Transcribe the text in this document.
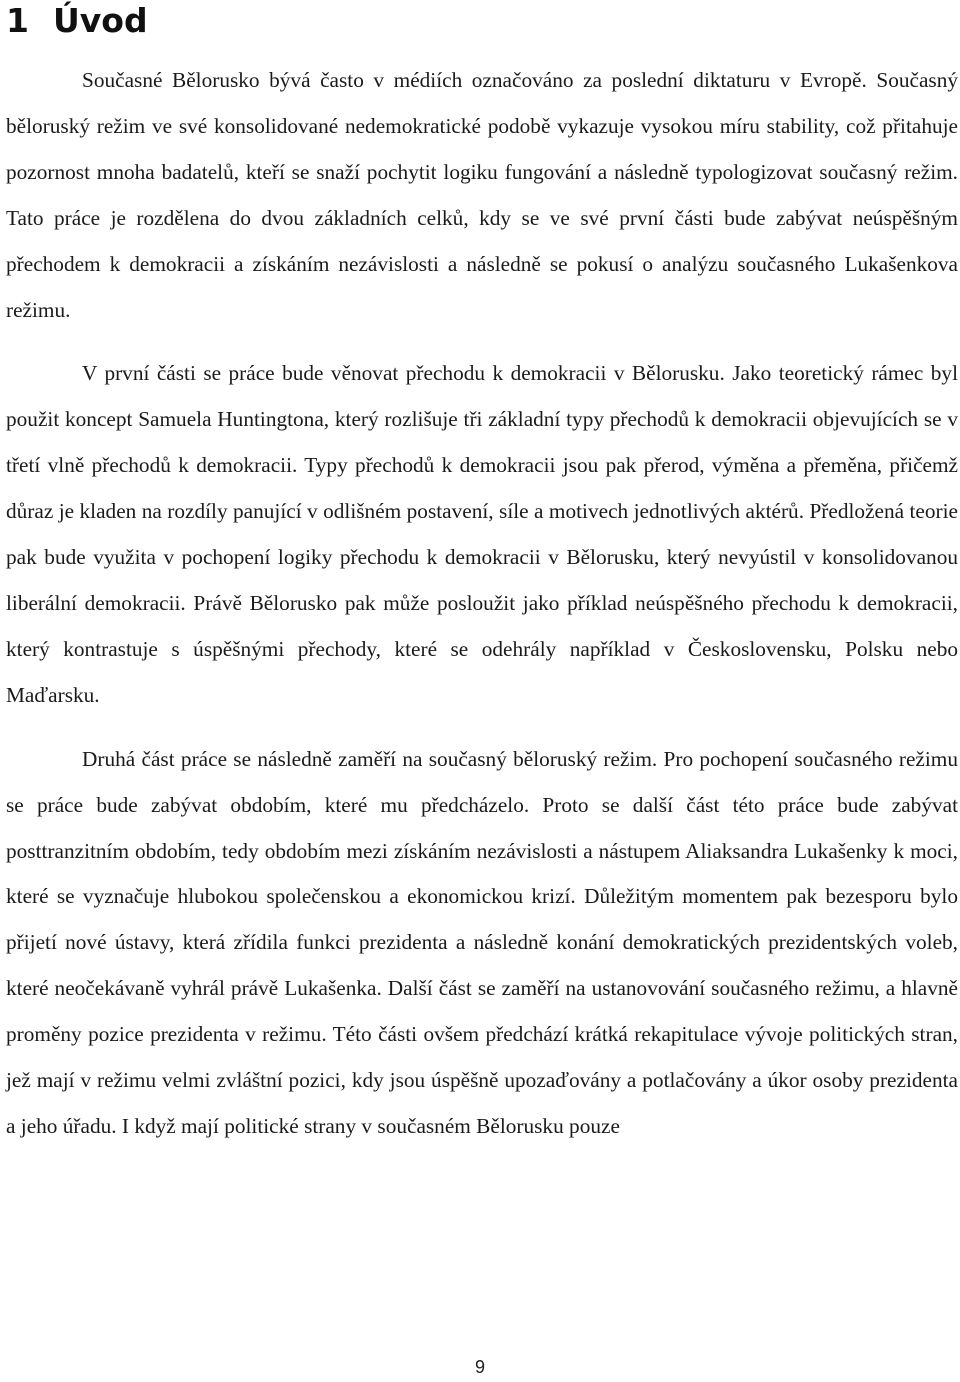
1 Úvod

Současné Bělorusko bývá často v médiích označováno za poslední diktaturu v Evropě. Současný běloruský režim ve své konsolidované nedemokratické podobě vykazuje vysokou míru stability, což přitahuje pozornost mnoha badatelů, kteří se snaží pochytit logiku fungování a následně typologizovat současný režim. Tato práce je rozdělena do dvou základních celků, kdy se ve své první části bude zabývat neúspěšným přechodem k demokracii a získáním nezávislosti a následně se pokusí o analýzu současného Lukašenkova režimu.

V první části se práce bude věnovat přechodu k demokracii v Bělorusku. Jako teoretický rámec byl použit koncept Samuela Huntingtona, který rozlišuje tři základní typy přechodů k demokracii objevujících se v třetí vlně přechodů k demokracii. Typy přechodů k demokracii jsou pak přerod, výměna a přeměna, přičemž důraz je kladen na rozdíly panující v odlišném postavení, síle a motivech jednotlivých aktérů. Předložená teorie pak bude využita v pochopení logiky přechodu k demokracii v Bělorusku, který nevyústil v konsolidovanou liberální demokracii. Právě Bělorusko pak může posloužit jako příklad neúspěšného přechodu k demokracii, který kontrastuje s úspěšnými přechody, které se odehrály například v Československu, Polsku nebo Maďarsku.

Druhá část práce se následně zaměří na současný běloruský režim. Pro pochopení současného režimu se práce bude zabývat obdobím, které mu předcházelo. Proto se další část této práce bude zabývat posttranzitním obdobím, tedy obdobím mezi získáním nezávislosti a nástupem Aliaksandra Lukašenky k moci, které se vyznačuje hlubokou společenskou a ekonomickou krizí. Důležitým momentem pak bezesporu bylo přijetí nové ústavy, která zřídila funkci prezidenta a následně konání demokratických prezidentských voleb, které neočekávaně vyhrál právě Lukašenka. Další část se zaměří na ustanovování současného režimu, a hlavně proměny pozice prezidenta v režimu. Této části ovšem předchází krátká rekapitulace vývoje politických stran, jež mají v režimu velmi zvláštní pozici, kdy jsou úspěšně upozaďovány a potlačovány a úkor osoby prezidenta a jeho úřadu. I když mají politické strany v současném Bělorusku pouze

9
